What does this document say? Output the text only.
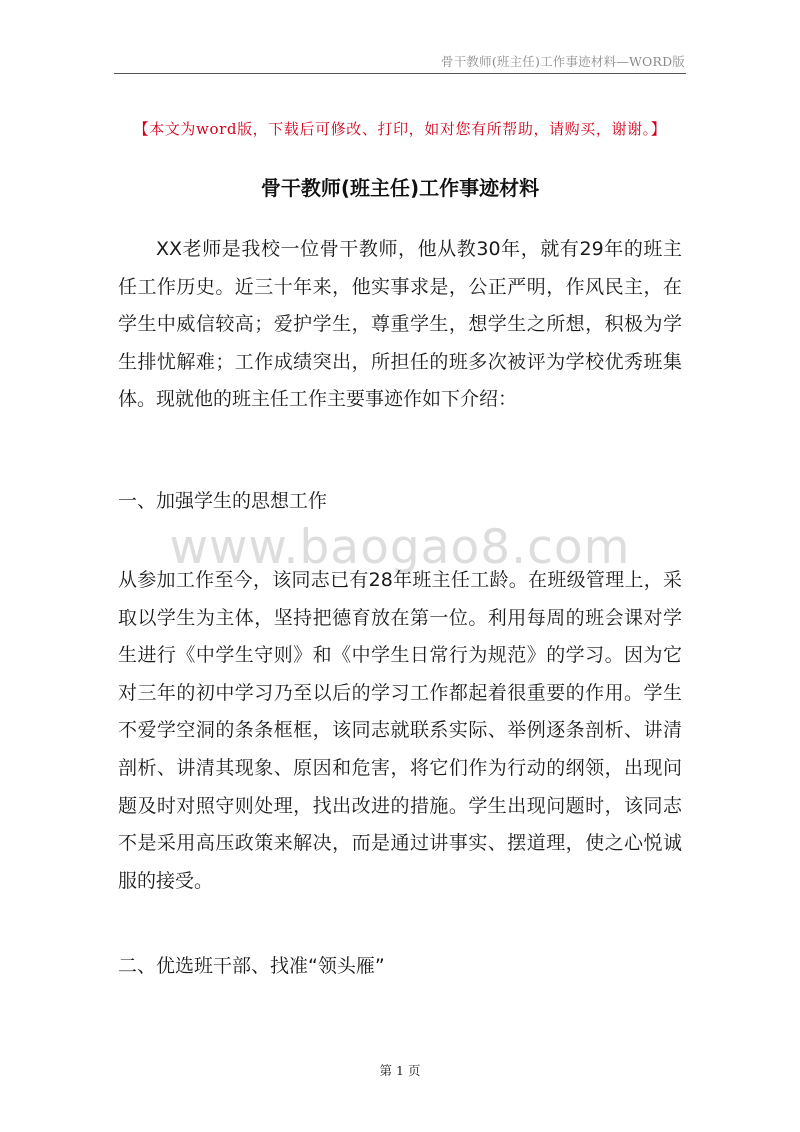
骨干教师(班主任)工作事迹材料—WORD版
【本文为word版，下载后可修改、打印，如对您有所帮助，请购买，谢谢。】
骨干教师(班主任)工作事迹材料
XX老师是我校一位骨干教师，他从教30年，就有29年的班主任工作历史。近三十年来，他实事求是，公正严明，作风民主，在学生中威信较高；爱护学生，尊重学生，想学生之所想，积极为学生排忧解难；工作成绩突出，所担任的班多次被评为学校优秀班集体。现就他的班主任工作主要事迹作如下介绍：
一、加强学生的思想工作
www.baogao8.com
从参加工作至今，该同志已有28年班主任工龄。在班级管理上，采取以学生为主体，坚持把德育放在第一位。利用每周的班会课对学生进行《中学生守则》和《中学生日常行为规范》的学习。因为它对三年的初中学习乃至以后的学习工作都起着很重要的作用。学生不爱学空洞的条条框框，该同志就联系实际、举例逐条剖析、讲清剖析、讲清其现象、原因和危害，将它们作为行动的纲领，出现问题及时对照守则处理，找出改进的措施。学生出现问题时，该同志不是采用高压政策来解决，而是通过讲事实、摆道理，使之心悦诚服的接受。
二、优选班干部、找准“领头雁”
第 1 页
